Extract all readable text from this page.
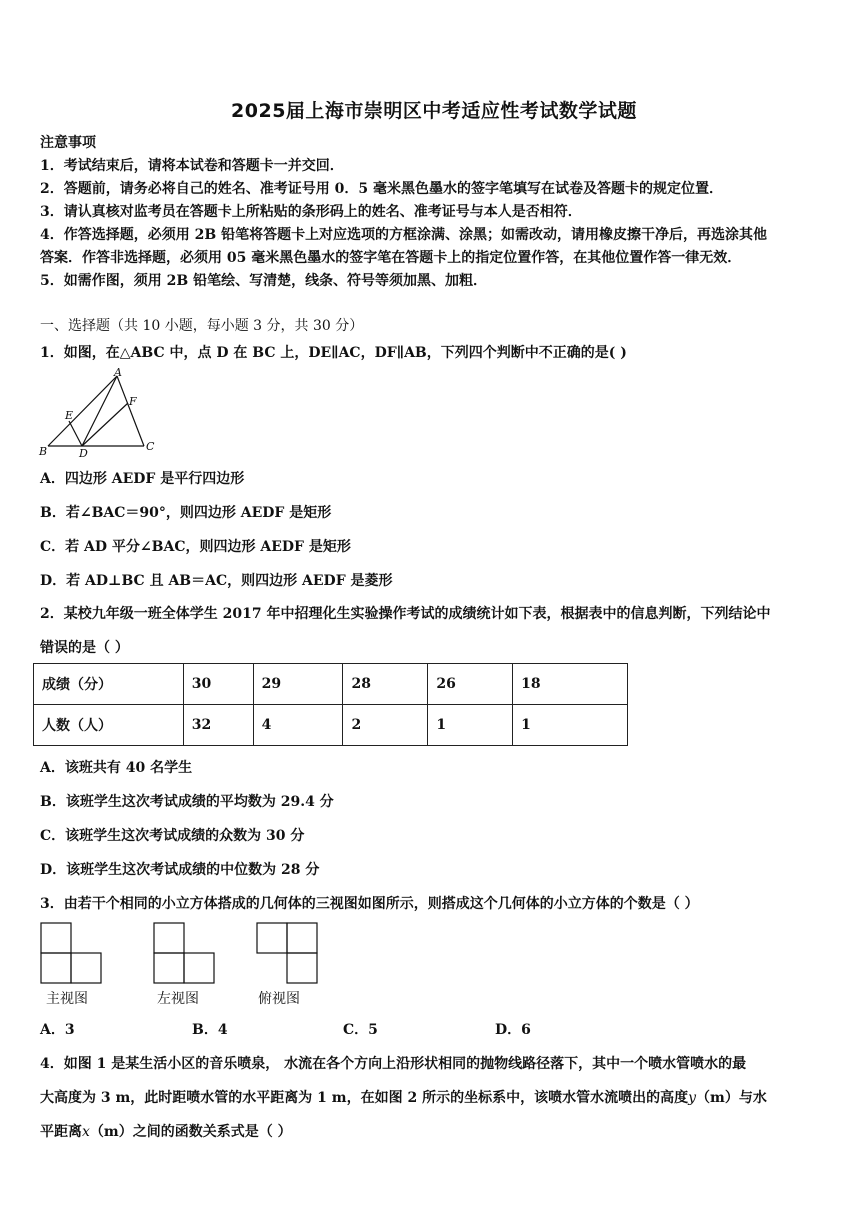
2025届上海市崇明区中考适应性考试数学试题
注意事项
1．考试结束后，请将本试卷和答题卡一并交回．
2．答题前，请务必将自己的姓名、准考证号用 0．5 毫米黑色墨水的签字笔填写在试卷及答题卡的规定位置．
3．请认真核对监考员在答题卡上所粘贴的条形码上的姓名、准考证号与本人是否相符．
4．作答选择题，必须用 2B 铅笔将答题卡上对应选项的方框涂满、涂黑；如需改动，请用橡皮擦干净后，再选涂其他
答案．作答非选择题，必须用 05 毫米黑色墨水的签字笔在答题卡上的指定位置作答，在其他位置作答一律无效．
5．如需作图，须用 2B 铅笔绘、写清楚，线条、符号等须加黑、加粗．
一、选择题（共 10 小题，每小题 3 分，共 30 分）
1．如图，在△ABC 中，点 D 在 BC 上，DE∥AC，DF∥AB，下列四个判断中不正确的是( )
A
B	C
D
E
F
A．四边形 AEDF 是平行四边形
B．若∠BAC＝90°，则四边形 AEDF 是矩形
C．若 AD 平分∠BAC，则四边形 AEDF 是矩形
D．若 AD⊥BC 且 AB＝AC，则四边形 AEDF 是菱形
2．某校九年级一班全体学生 2017 年中招理化生实验操作考试的成绩统计如下表，根据表中的信息判断，下列结论中
错误的是（ ）
成绩（分）	30	29	28	26	18
人数（人）	32	4	2	1	1
A．该班共有 40 名学生
B．该班学生这次考试成绩的平均数为 29.4 分
C．该班学生这次考试成绩的众数为 30 分
D．该班学生这次考试成绩的中位数为 28 分
3．由若干个相同的小立方体搭成的几何体的三视图如图所示，则搭成这个几何体的小立方体的个数是（ ）
主视图	左视图	俯视图
A．3	B．4	C．5	D．6
4．如图 1 是某生活小区的音乐喷泉， 水流在各个方向上沿形状相同的抛物线路径落下，其中一个喷水管喷水的最
大高度为 3 m，此时距喷水管的水平距离为 1 m，在如图 2 所示的坐标系中，该喷水管水流喷出的高度y（m）与水
平距离x（m）之间的函数关系式是（ ）
